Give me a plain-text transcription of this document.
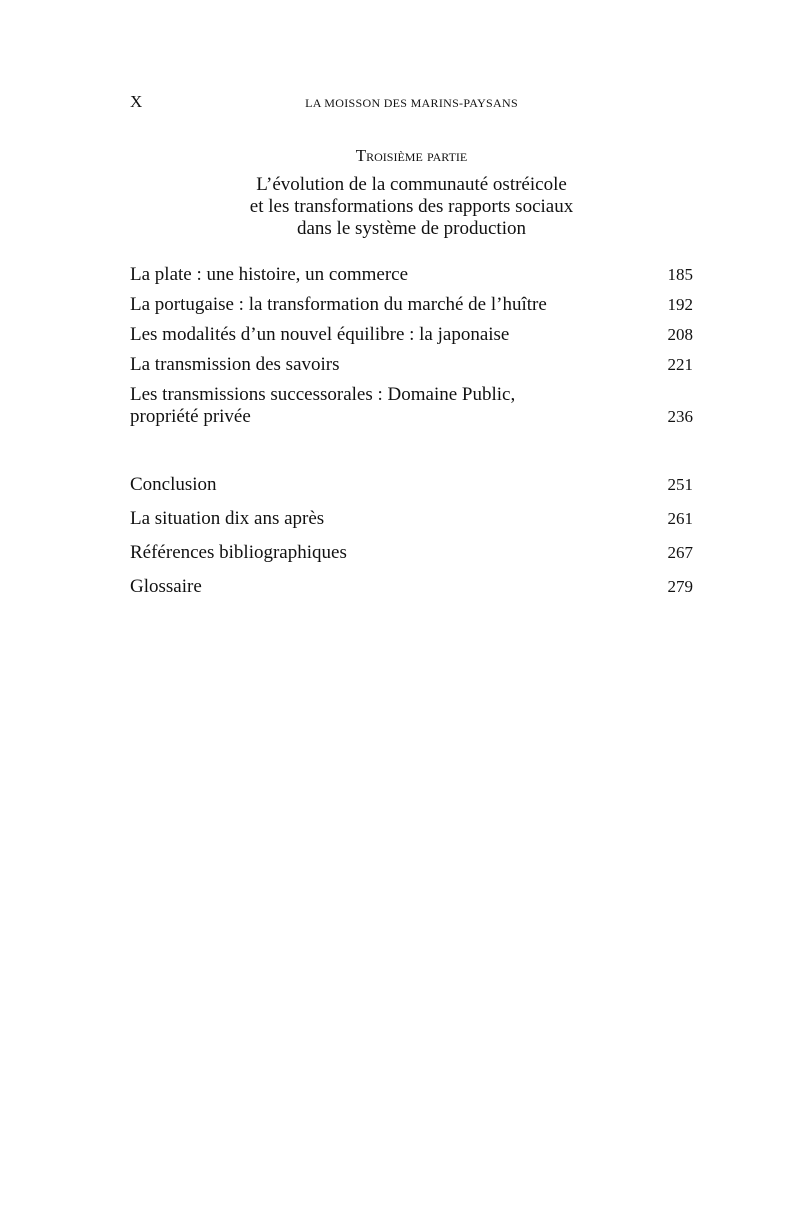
X	LA MOISSON DES MARINS-PAYSANS
Troisième partie
L’évolution de la communauté ostréicole
et les transformations des rapports sociaux
dans le système de production
La plate : une histoire, un commerce	185
La portugaise : la transformation du marché de l’huître	192
Les modalités d’un nouvel équilibre : la japonaise	208
La transmission des savoirs	221
Les transmissions successorales : Domaine Public,
propriété privée	236
Conclusion	251
La situation dix ans après	261
Références bibliographiques	267
Glossaire	279
